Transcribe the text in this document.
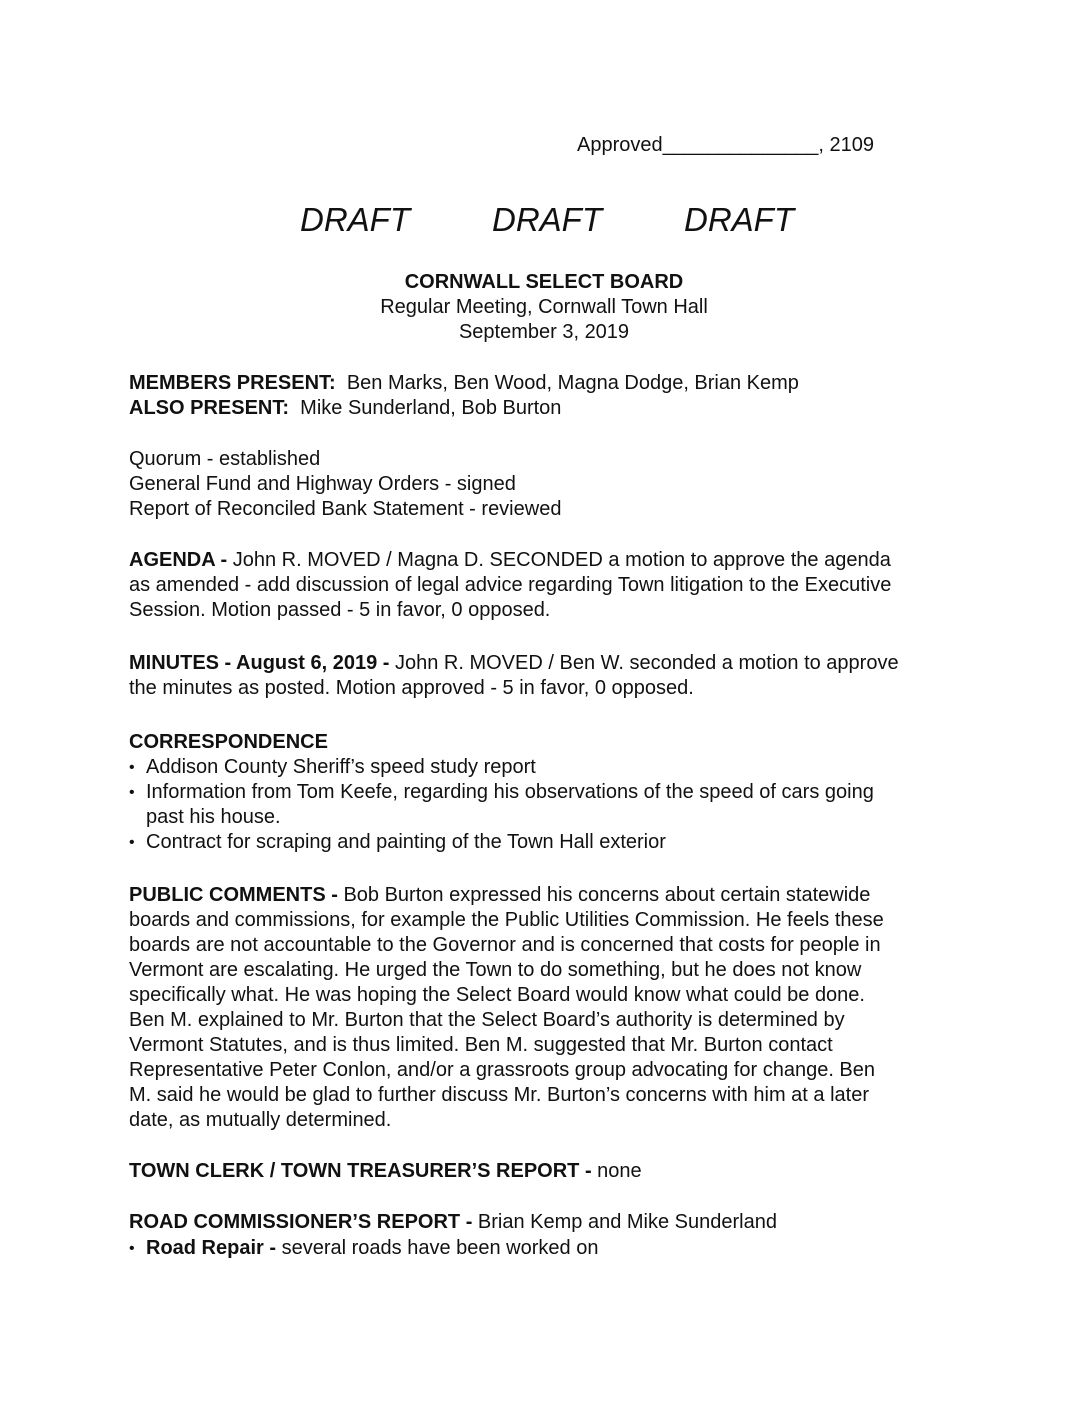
Approved______________, 2109
DRAFT DRAFT DRAFT
CORNWALL SELECT BOARD
Regular Meeting, Cornwall Town Hall
September 3, 2019
MEMBERS PRESENT: Ben Marks, Ben Wood, Magna Dodge, Brian Kemp
ALSO PRESENT: Mike Sunderland, Bob Burton
Quorum - established
General Fund and Highway Orders - signed
Report of Reconciled Bank Statement - reviewed
AGENDA - John R. MOVED / Magna D. SECONDED a motion to approve the agenda
as amended - add discussion of legal advice regarding Town litigation to the Executive
Session. Motion passed - 5 in favor, 0 opposed.
MINUTES - August 6, 2019 - John R. MOVED / Ben W. seconded a motion to approve
the minutes as posted. Motion approved - 5 in favor, 0 opposed.
CORRESPONDENCE
• Addison County Sheriff’s speed study report
• Information from Tom Keefe, regarding his observations of the speed of cars going
past his house.
• Contract for scraping and painting of the Town Hall exterior
PUBLIC COMMENTS - Bob Burton expressed his concerns about certain statewide
boards and commissions, for example the Public Utilities Commission. He feels these
boards are not accountable to the Governor and is concerned that costs for people in
Vermont are escalating. He urged the Town to do something, but he does not know
specifically what. He was hoping the Select Board would know what could be done.
Ben M. explained to Mr. Burton that the Select Board’s authority is determined by
Vermont Statutes, and is thus limited. Ben M. suggested that Mr. Burton contact
Representative Peter Conlon, and/or a grassroots group advocating for change. Ben
M. said he would be glad to further discuss Mr. Burton’s concerns with him at a later
date, as mutually determined.
TOWN CLERK / TOWN TREASURER’S REPORT - none
ROAD COMMISSIONER’S REPORT - Brian Kemp and Mike Sunderland
• Road Repair - several roads have been worked on
